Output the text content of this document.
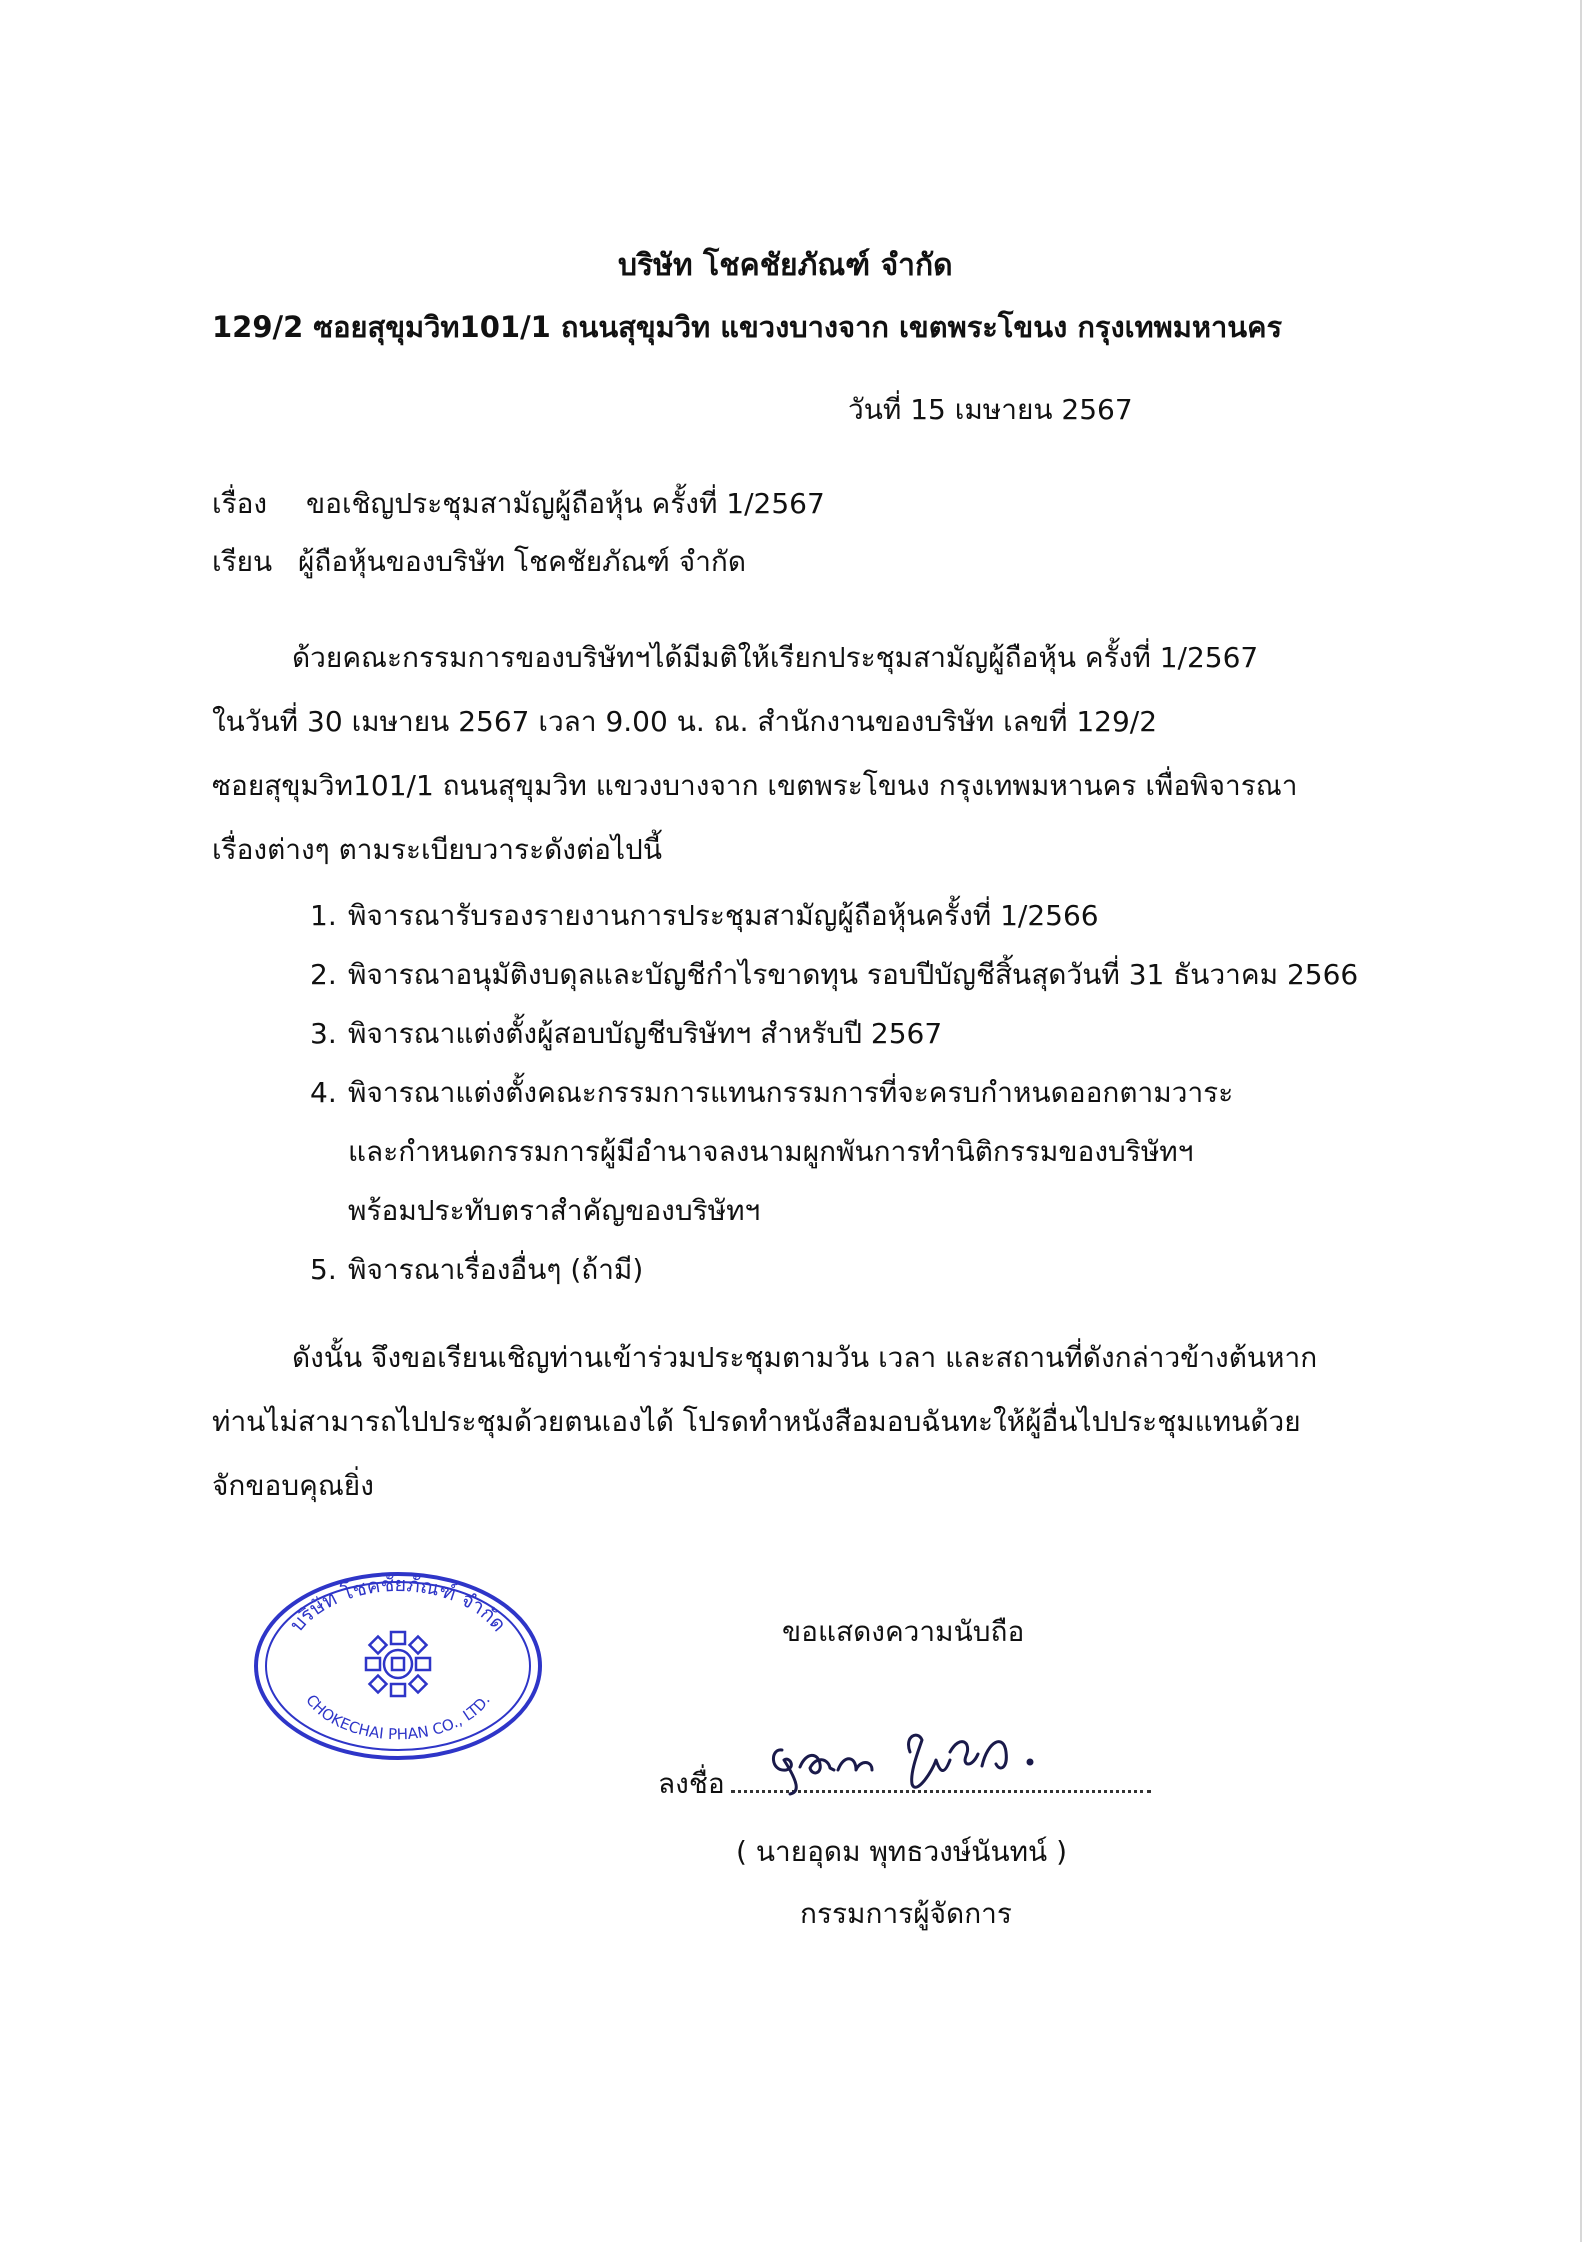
บริษัท โชคชัยภัณฑ์ จำกัด
129/2 ซอยสุขุมวิท101/1 ถนนสุขุมวิท แขวงบางจาก เขตพระโขนง กรุงเทพมหานคร
วันที่ 15 เมษายน 2567
เรื่อง ขอเชิญประชุมสามัญผู้ถือหุ้น ครั้งที่ 1/2567
เรียน ผู้ถือหุ้นของบริษัท โชคชัยภัณฑ์ จำกัด
ด้วยคณะกรรมการของบริษัทฯได้มีมติให้เรียกประชุมสามัญผู้ถือหุ้น ครั้งที่ 1/2567
ในวันที่ 30 เมษายน 2567 เวลา 9.00 น. ณ. สำนักงานของบริษัท เลขที่ 129/2
ซอยสุขุมวิท101/1 ถนนสุขุมวิท แขวงบางจาก เขตพระโขนง กรุงเทพมหานคร เพื่อพิจารณา
เรื่องต่างๆ ตามระเบียบวาระดังต่อไปนี้
1. พิจารณารับรองรายงานการประชุมสามัญผู้ถือหุ้นครั้งที่ 1/2566
2. พิจารณาอนุมัติงบดุลและบัญชีกำไรขาดทุน รอบปีบัญชีสิ้นสุดวันที่ 31 ธันวาคม 2566
3. พิจารณาแต่งตั้งผู้สอบบัญชีบริษัทฯ สำหรับปี 2567
4. พิจารณาแต่งตั้งคณะกรรมการแทนกรรมการที่จะครบกำหนดออกตามวาระ
และกำหนดกรรมการผู้มีอำนาจลงนามผูกพันการทำนิติกรรมของบริษัทฯ
พร้อมประทับตราสำคัญของบริษัทฯ
5. พิจารณาเรื่องอื่นๆ (ถ้ามี)
ดังนั้น จึงขอเรียนเชิญท่านเข้าร่วมประชุมตามวัน เวลา และสถานที่ดังกล่าวข้างต้นหาก
ท่านไม่สามารถไปประชุมด้วยตนเองได้ โปรดทำหนังสือมอบฉันทะให้ผู้อื่นไปประชุมแทนด้วย
จักขอบคุณยิ่ง
บริษัท โชคชัยภัณฑ์ จำกัด
CHOKECHAI PHAN CO., LTD.
ขอแสดงความนับถือ
ลงชื่อ
( นายอุดม พุทธวงษ์นันทน์ )
กรรมการผู้จัดการ
